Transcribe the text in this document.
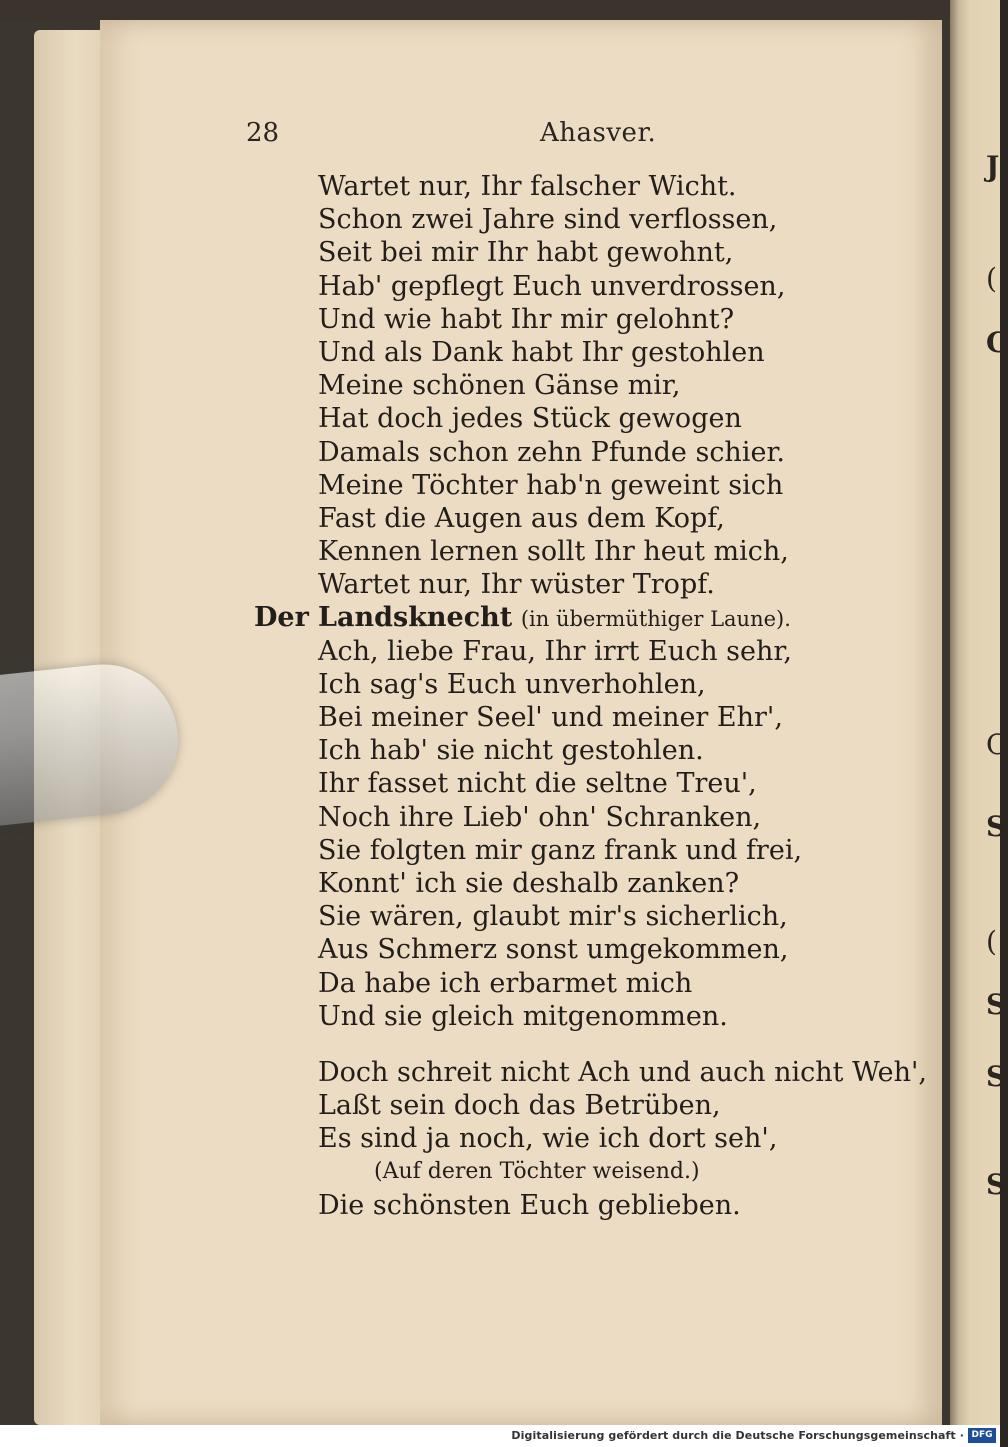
J
(
C
C
S
(
S
S
S
28	Ahasver.
Wartet nur, Ihr falscher Wicht.
Schon zwei Jahre sind verflossen,
Seit bei mir Ihr habt gewohnt,
Hab' gepflegt Euch unverdrossen,
Und wie habt Ihr mir gelohnt?
Und als Dank habt Ihr gestohlen
Meine schönen Gänse mir,
Hat doch jedes Stück gewogen
Damals schon zehn Pfunde schier.
Meine Töchter hab'n geweint sich
Fast die Augen aus dem Kopf,
Kennen lernen sollt Ihr heut mich,
Wartet nur, Ihr wüster Tropf.
Der Landsknecht (in übermüthiger Laune).
Ach, liebe Frau, Ihr irrt Euch sehr,
Ich sag's Euch unverhohlen,
Bei meiner Seel' und meiner Ehr',
Ich hab' sie nicht gestohlen.
Ihr fasset nicht die seltne Treu',
Noch ihre Lieb' ohn' Schranken,
Sie folgten mir ganz frank und frei,
Konnt' ich sie deshalb zanken?
Sie wären, glaubt mir's sicherlich,
Aus Schmerz sonst umgekommen,
Da habe ich erbarmet mich
Und sie gleich mitgenommen.
Doch schreit nicht Ach und auch nicht Weh',
Laßt sein doch das Betrüben,
Es sind ja noch, wie ich dort seh',
(Auf deren Töchter weisend.)
Die schönsten Euch geblieben.
Digitalisierung gefördert durch die Deutsche Forschungsgemeinschaft · DFG
